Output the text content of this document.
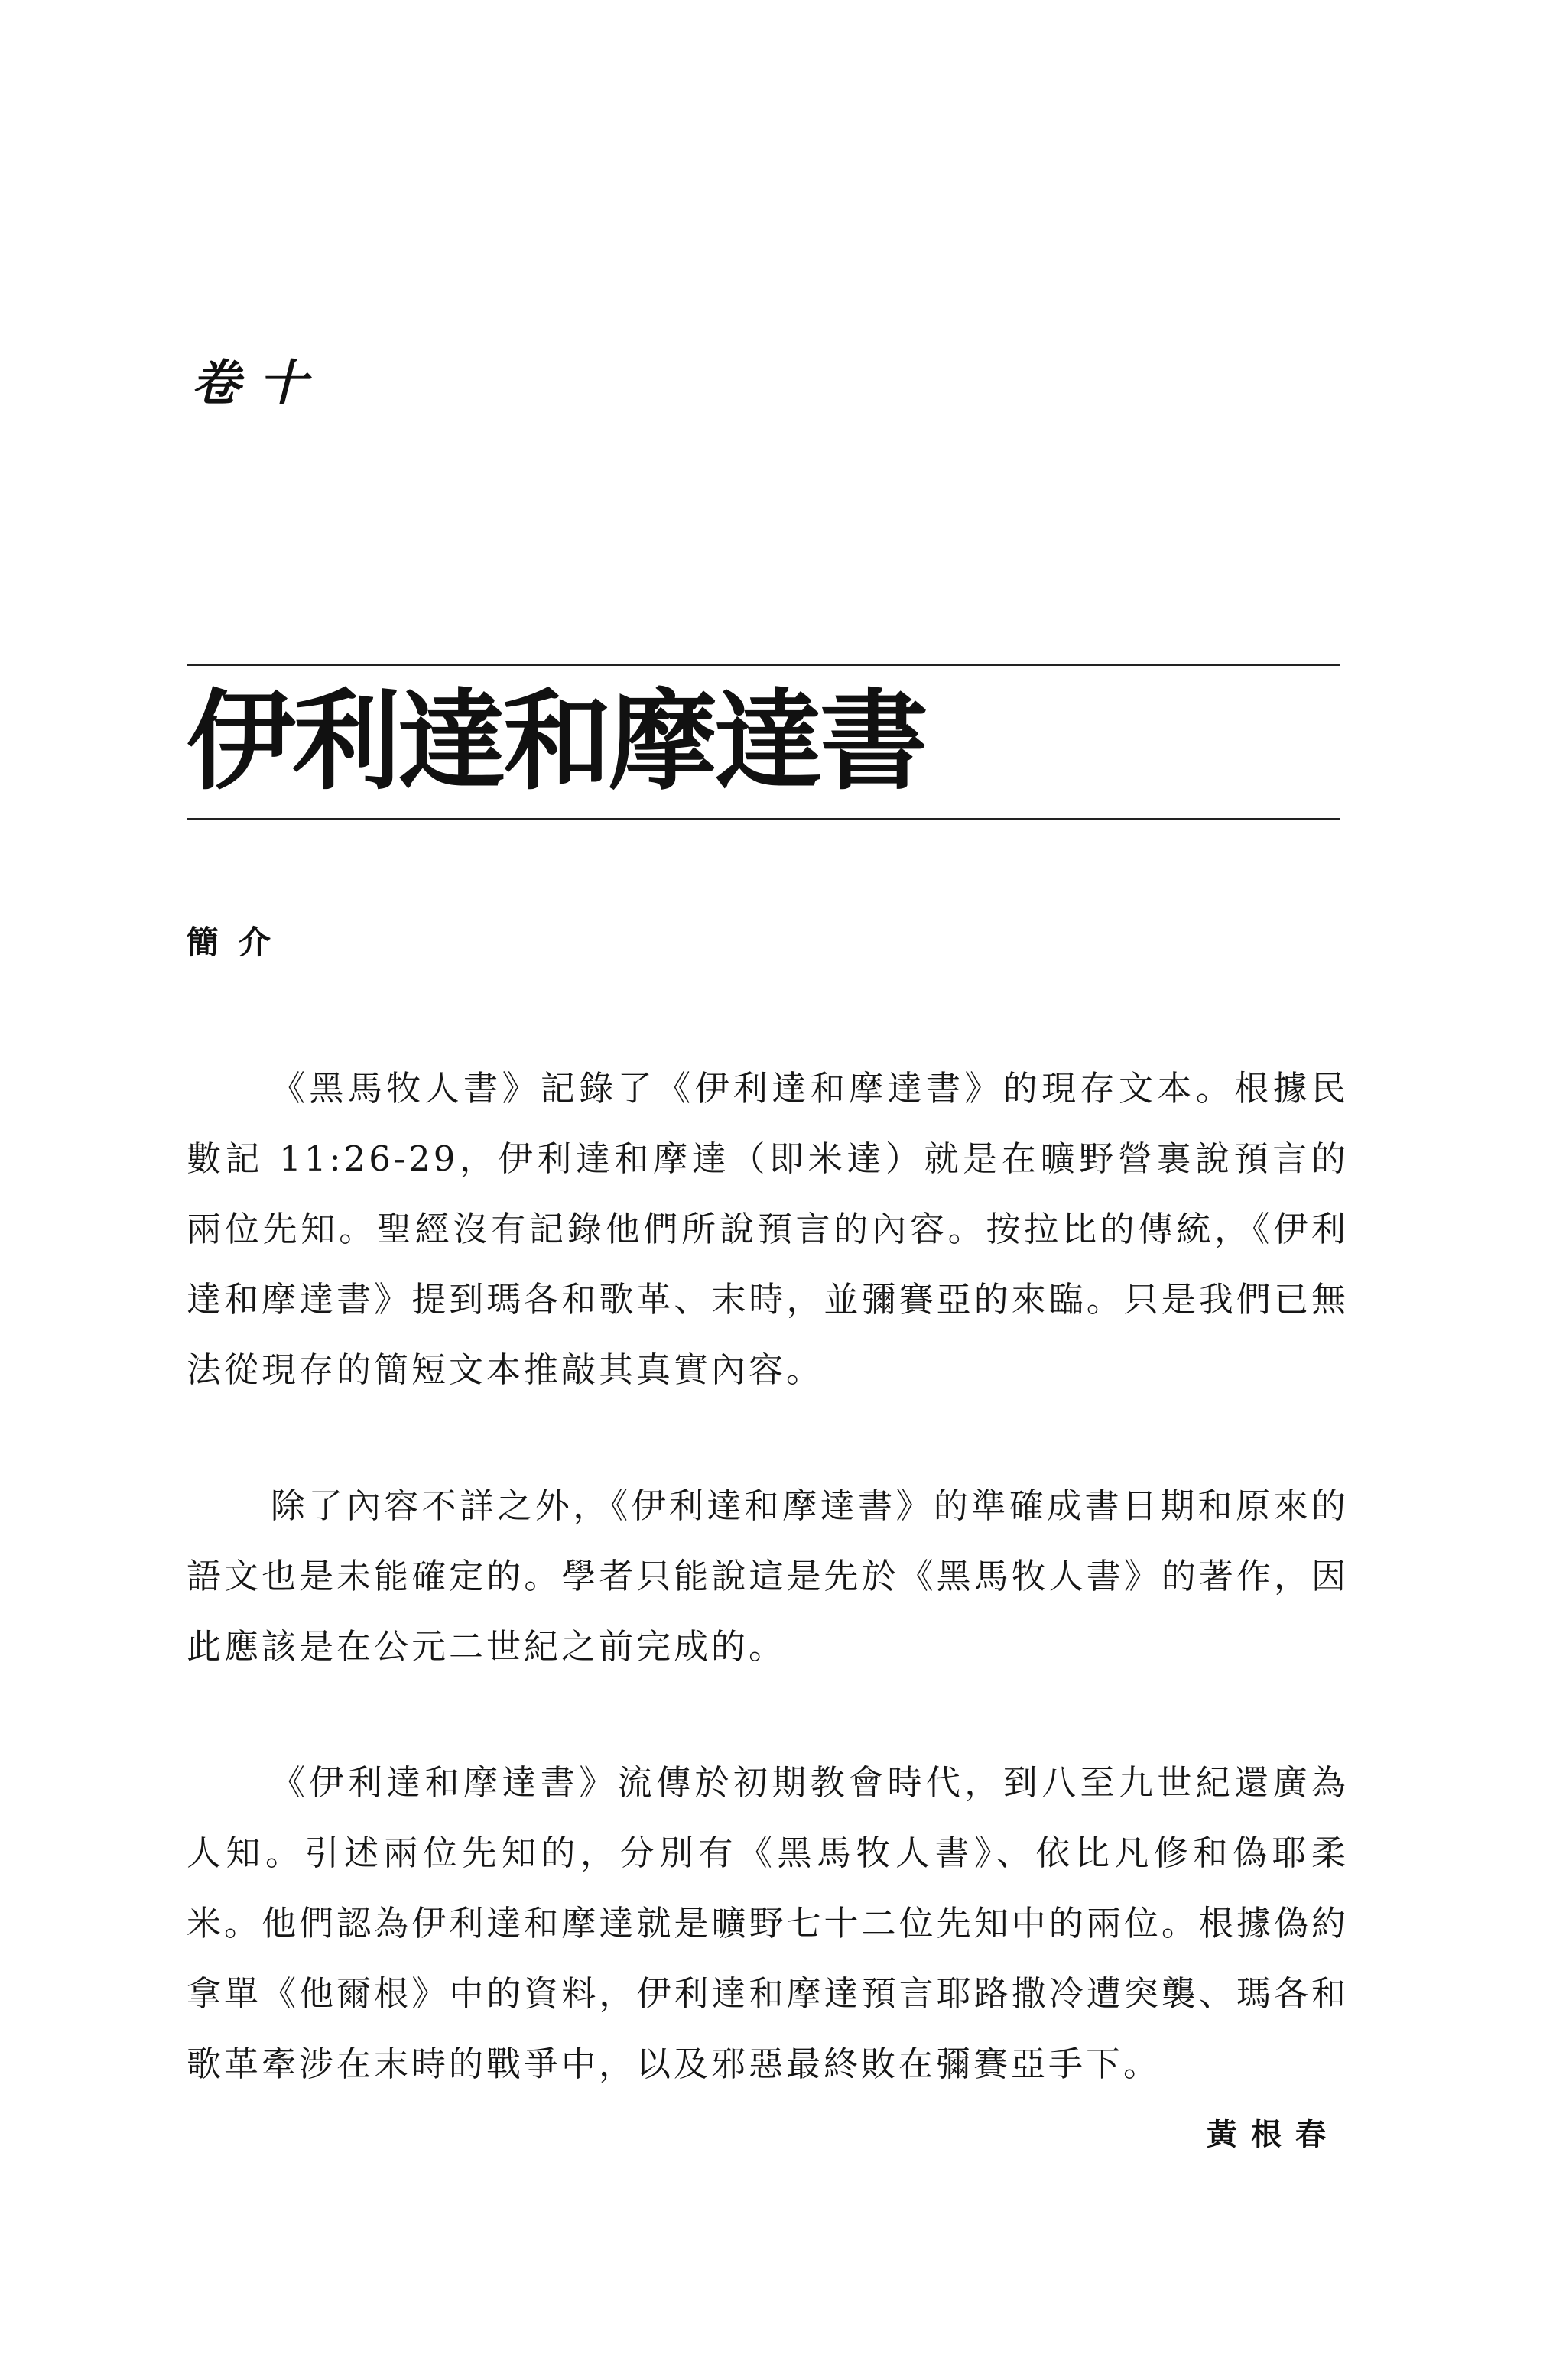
卷十
伊利達和摩達書
簡介

《黑馬牧人書》記錄了《伊利達和摩達書》的現存文本。根據民數記 11:26-29，伊利達和摩達（即米達）就是在曠野營裏說預言的兩位先知。聖經沒有記錄他們所說預言的內容。按拉比的傳統，《伊利達和摩達書》提到瑪各和歌革、末時，並彌賽亞的來臨。只是我們已無法從現存的簡短文本推敲其真實內容。

除了內容不詳之外，《伊利達和摩達書》的準確成書日期和原來的語文也是未能確定的。學者只能說這是先於《黑馬牧人書》的著作，因此應該是在公元二世紀之前完成的。

《伊利達和摩達書》流傳於初期教會時代，到八至九世紀還廣為人知。引述兩位先知的，分別有《黑馬牧人書》、依比凡修和偽耶柔米。他們認為伊利達和摩達就是曠野七十二位先知中的兩位。根據偽約拿單《他爾根》中的資料，伊利達和摩達預言耶路撒冷遭突襲、瑪各和歌革牽涉在末時的戰爭中，以及邪惡最終敗在彌賽亞手下。

黃根春
